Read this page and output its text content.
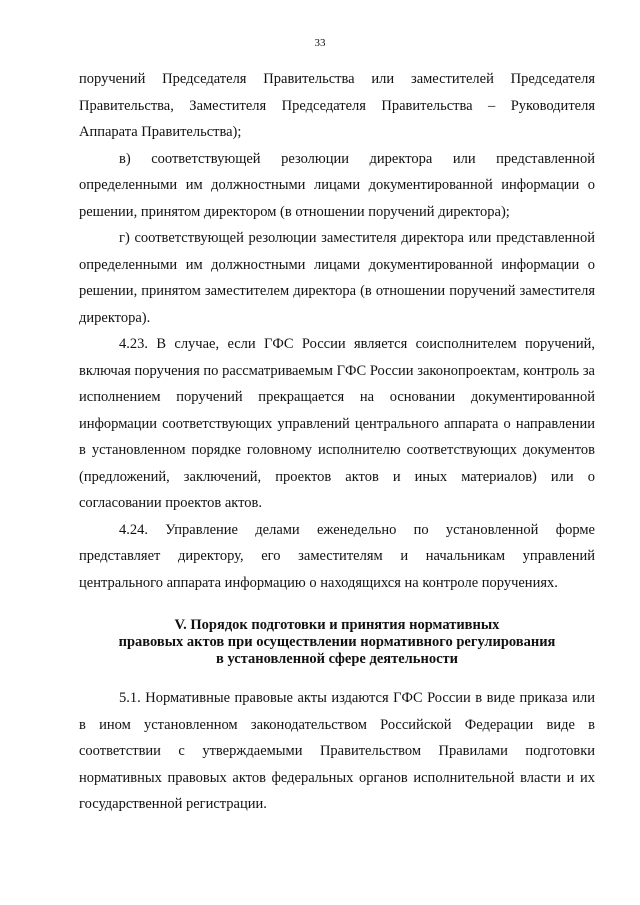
33

поручений Председателя Правительства или заместителей Председателя Правительства, Заместителя Председателя Правительства – Руководителя Аппарата Правительства);

в) соответствующей резолюции директора или представленной определенными им должностными лицами документированной информации о решении, принятом директором (в отношении поручений директора);

г) соответствующей резолюции заместителя директора или представленной определенными им должностными лицами документированной информации о решении, принятом заместителем директора (в отношении поручений заместителя директора).

4.23. В случае, если ГФС России является соисполнителем поручений, включая поручения по рассматриваемым ГФС России законопроектам, контроль за исполнением поручений прекращается на основании документированной информации соответствующих управлений центрального аппарата о направлении в установленном порядке головному исполнителю соответствующих документов (предложений, заключений, проектов актов и иных материалов) или о согласовании проектов актов.

4.24. Управление делами еженедельно по установленной форме представляет директору, его заместителям и начальникам управлений центрального аппарата информацию о находящихся на контроле поручениях.

V. Порядок подготовки и принятия нормативных
правовых актов при осуществлении нормативного регулирования
в установленной сфере деятельности

5.1. Нормативные правовые акты издаются ГФС России в виде приказа или в ином установленном законодательством Российской Федерации виде в соответствии с утверждаемыми Правительством Правилами подготовки нормативных правовых актов федеральных органов исполнительной власти и их государственной регистрации.
